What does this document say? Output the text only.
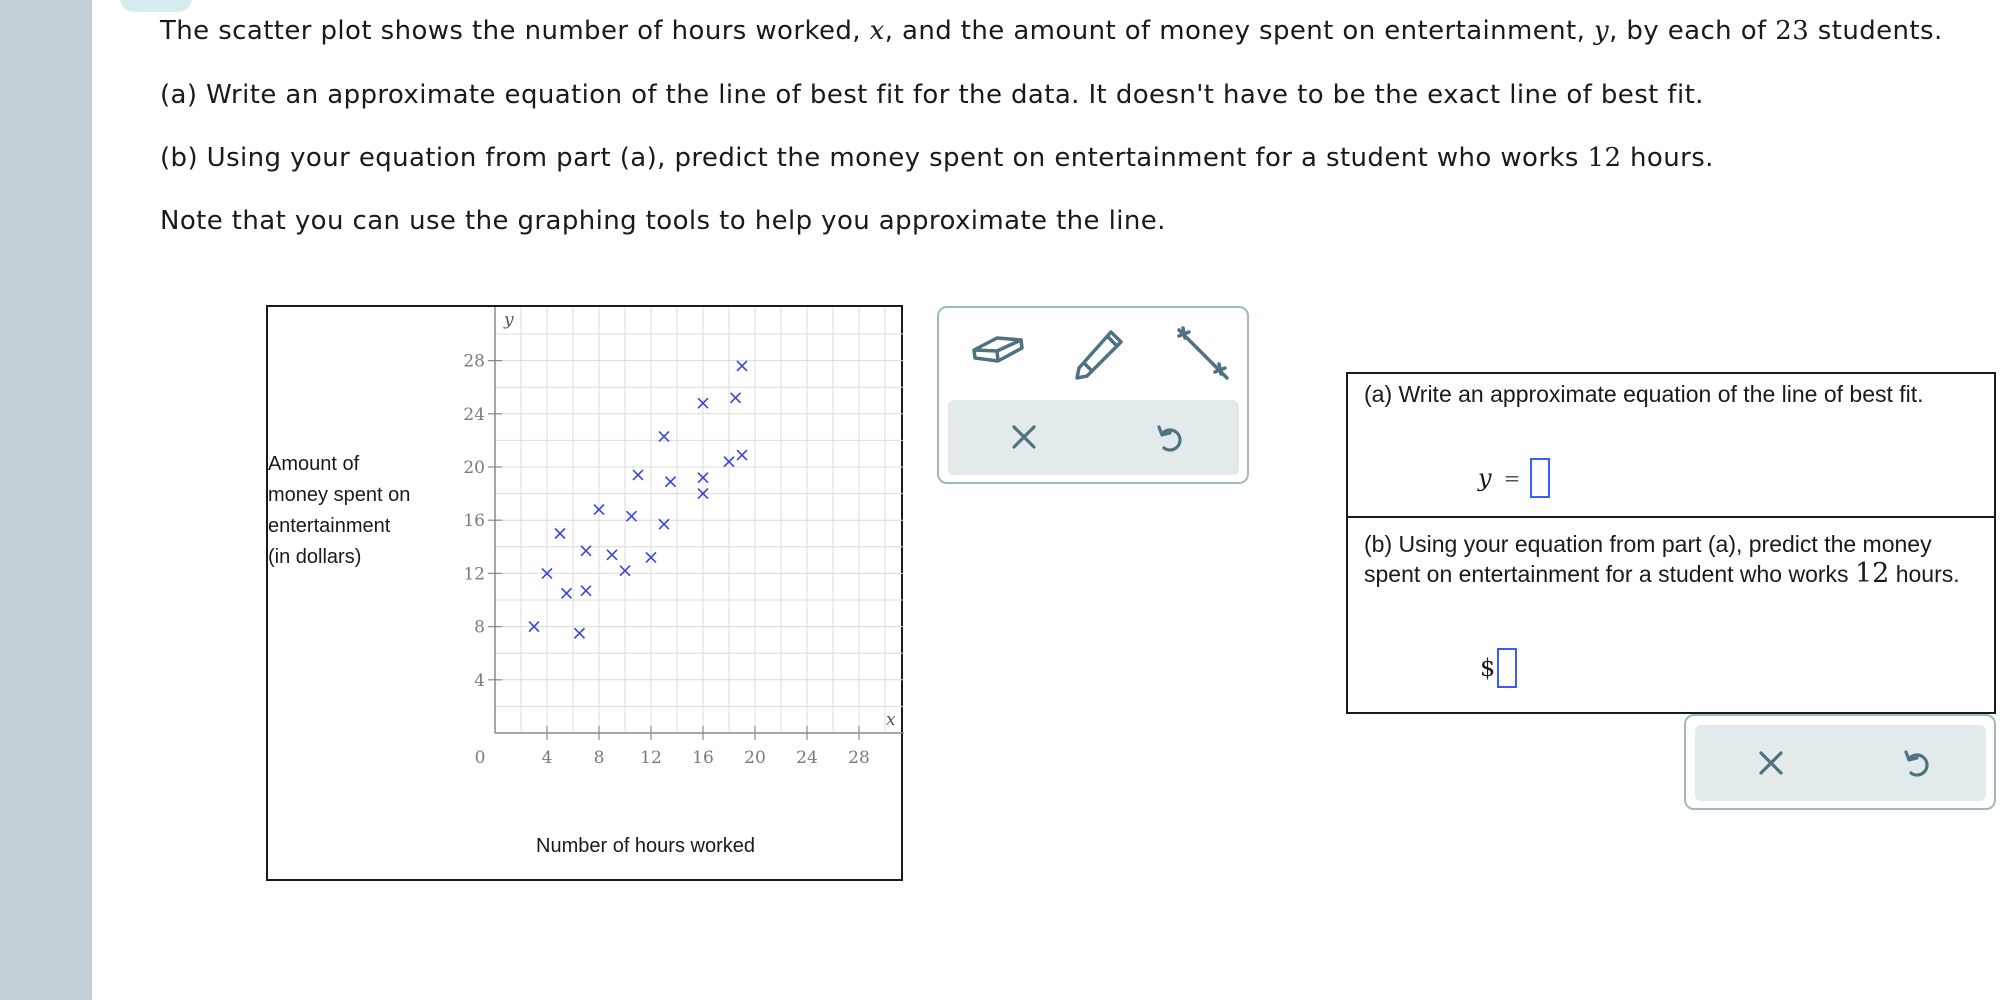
The scatter plot shows the number of hours worked, x, and the amount of money spent on entertainment, y, by each of 23 students.
(a) Write an approximate equation of the line of best fit for the data. It doesn't have to be the exact line of best fit.
(b) Using your equation from part (a), predict the money spent on entertainment for a student who works 12 hours.
Note that you can use the graphing tools to help you approximate the line.
Amount of
money spent on
entertainment
(in dollars)
4 8 12 16 20 24 28
4
8
12
16
20
24
28
0
y
x
Number of hours worked
(a) Write an approximate equation of the line of best fit.
y =
(b) Using your equation from part (a), predict the money spent on entertainment for a student who works 12 hours.
$
